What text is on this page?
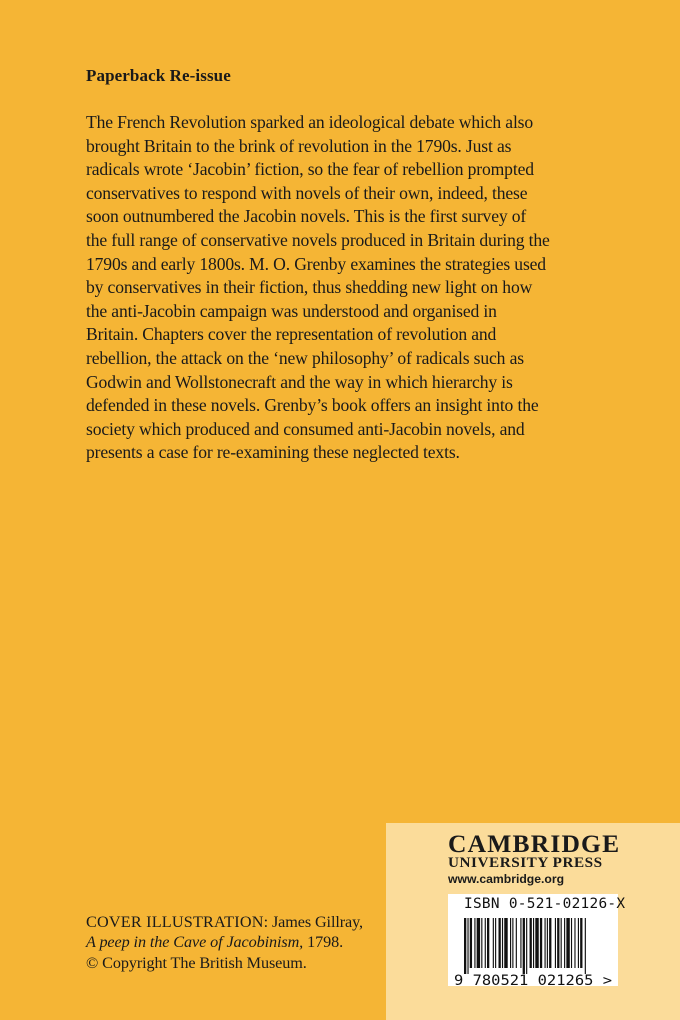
Paperback Re-issue

The French Revolution sparked an ideological debate which also
brought Britain to the brink of revolution in the 1790s. Just as
radicals wrote ‘Jacobin’ fiction, so the fear of rebellion prompted
conservatives to respond with novels of their own, indeed, these
soon outnumbered the Jacobin novels. This is the first survey of
the full range of conservative novels produced in Britain during the
1790s and early 1800s. M. O. Grenby examines the strategies used
by conservatives in their fiction, thus shedding new light on how
the anti-Jacobin campaign was understood and organised in
Britain. Chapters cover the representation of revolution and
rebellion, the attack on the ‘new philosophy’ of radicals such as
Godwin and Wollstonecraft and the way in which hierarchy is
defended in these novels. Grenby’s book offers an insight into the
society which produced and consumed anti-Jacobin novels, and
presents a case for re-examining these neglected texts.

COVER ILLUSTRATION: James Gillray,
A peep in the Cave of Jacobinism, 1798.
© Copyright The British Museum.
CAMBRIDGE
UNIVERSITY PRESS
www.cambridge.org
ISBN 0-521-02126-X
9 780521 021265 >
